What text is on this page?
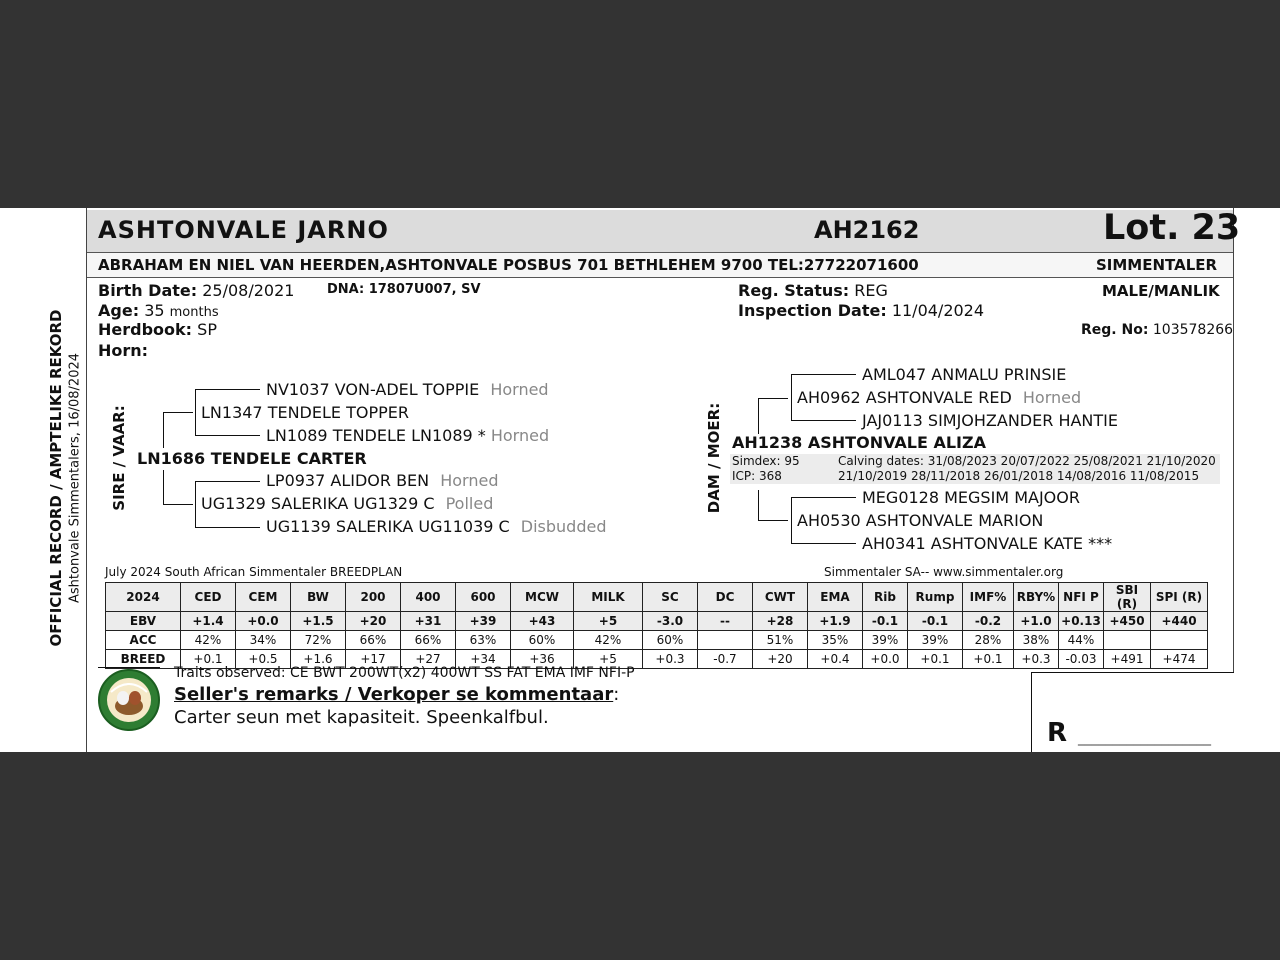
OFFICIAL RECORD / AMPTELIKE REKORD Ashtonvale Simmentalers, 16/08/2024
ASHTONVALE JARNO	AH2162	Lot. 23
ABRAHAM EN NIEL VAN HEERDEN,ASHTONVALE POSBUS 701 BETHLEHEM 9700 TEL:27722071600	SIMMENTALER
Birth Date: 25/08/2021	DNA: 17807U007, SV
Age: 35 months
Herdbook: SP
Horn:
Reg. Status: REG
Inspection Date: 11/04/2024
MALE/MANLIK
Reg. No: 103578266
SIRE / VAAR:
NV1037 VON-ADEL TOPPIE Horned
LN1347 TENDELE TOPPER
LN1089 TENDELE LN1089 * Horned
LN1686 TENDELE CARTER
LP0937 ALIDOR BEN Horned
UG1329 SALERIKA UG1329 C Polled
UG1139 SALERIKA UG11039 C Disbudded
DAM / MOER:
AML047 ANMALU PRINSIE
AH0962 ASHTONVALE RED Horned
JAJ0113 SIMJOHZANDER HANTIE
AH1238 ASHTONVALE ALIZA
Simdex: 95
ICP: 368
Calving dates: 31/08/2023 20/07/2022 25/08/2021 21/10/2020
21/10/2019 28/11/2018 26/01/2018 14/08/2016 11/08/2015
MEG0128 MEGSIM MAJOOR
AH0530 ASHTONVALE MARION
AH0341 ASHTONVALE KATE ***
July 2024 South African Simmentaler BREEDPLAN	Simmentaler SA-- www.simmentaler.org
2024	CED	CEM	BW	200	400	600	MCW	MILK	SC	DC	CWT	EMA	Rib	Rump	IMF%	RBY%	NFI P	SBI (R)	SPI (R)
EBV	+1.4	+0.0	+1.5	+20	+31	+39	+43	+5	-3.0	--	+28	+1.9	-0.1	-0.1	-0.2	+1.0	+0.13	+450	+440
ACC	42%	34%	72%	66%	66%	63%	60%	42%	60%		51%	35%	39%	39%	28%	38%	44%		
BREED	+0.1	+0.5	+1.6	+17	+27	+34	+36	+5	+0.3	-0.7	+20	+0.4	+0.0	+0.1	+0.1	+0.3	-0.03	+491	+474
Traits observed: CE BWT 200WT(x2) 400WT SS FAT EMA IMF NFI-P
Seller's remarks / Verkoper se kommentaar:
Carter seun met kapasiteit. Speenkalfbul.
R ___________________
